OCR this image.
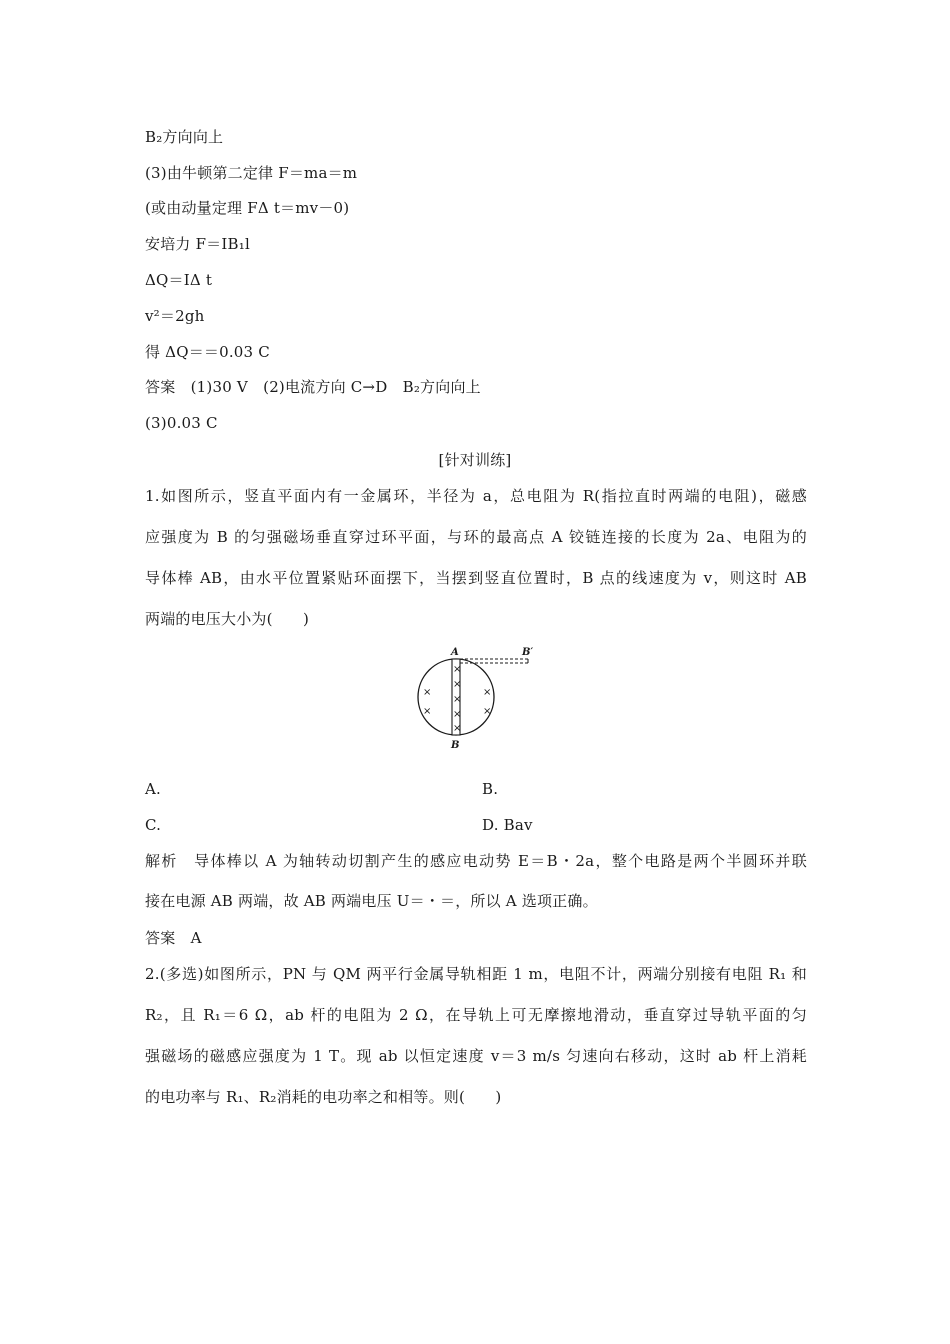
B₂方向向上
(3)由牛顿第二定律 F＝ma＝m
(或由动量定理 FΔ t＝mv－0)
安培力 F＝IB₁l
ΔQ＝IΔ t
v²＝2gh
得 ΔQ＝＝0.03 C
答案　(1)30 V　(2)电流方向 C→D　B₂方向向上
(3)0.03 C
[针对训练]
1.如图所示，竖直平面内有一金属环，半径为 a，总电阻为 R(指拉直时两端的电阻)，磁感
应强度为 B 的匀强磁场垂直穿过环平面，与环的最高点 A 铰链连接的长度为 2a、电阻为的
导体棒 AB，由水平位置紧贴环面摆下，当摆到竖直位置时，B 点的线速度为 v，则这时 AB
两端的电压大小为(　　)
A
B
B′
×
×
×
×
×
×
×
×
×
A.	B.
C.	D. Bav
解析　导体棒以 A 为轴转动切割产生的感应电动势 E＝B・2a，整个电路是两个半圆环并联
接在电源 AB 两端，故 AB 两端电压 U＝・＝，所以 A 选项正确。
答案　A
2.(多选)如图所示，PN 与 QM 两平行金属导轨相距 1 m，电阻不计，两端分别接有电阻 R₁ 和
R₂，且 R₁＝6 Ω，ab 杆的电阻为 2 Ω，在导轨上可无摩擦地滑动，垂直穿过导轨平面的匀
强磁场的磁感应强度为 1 T。现 ab 以恒定速度 v＝3 m/s 匀速向右移动，这时 ab 杆上消耗
的电功率与 R₁、R₂消耗的电功率之和相等。则(　　)
